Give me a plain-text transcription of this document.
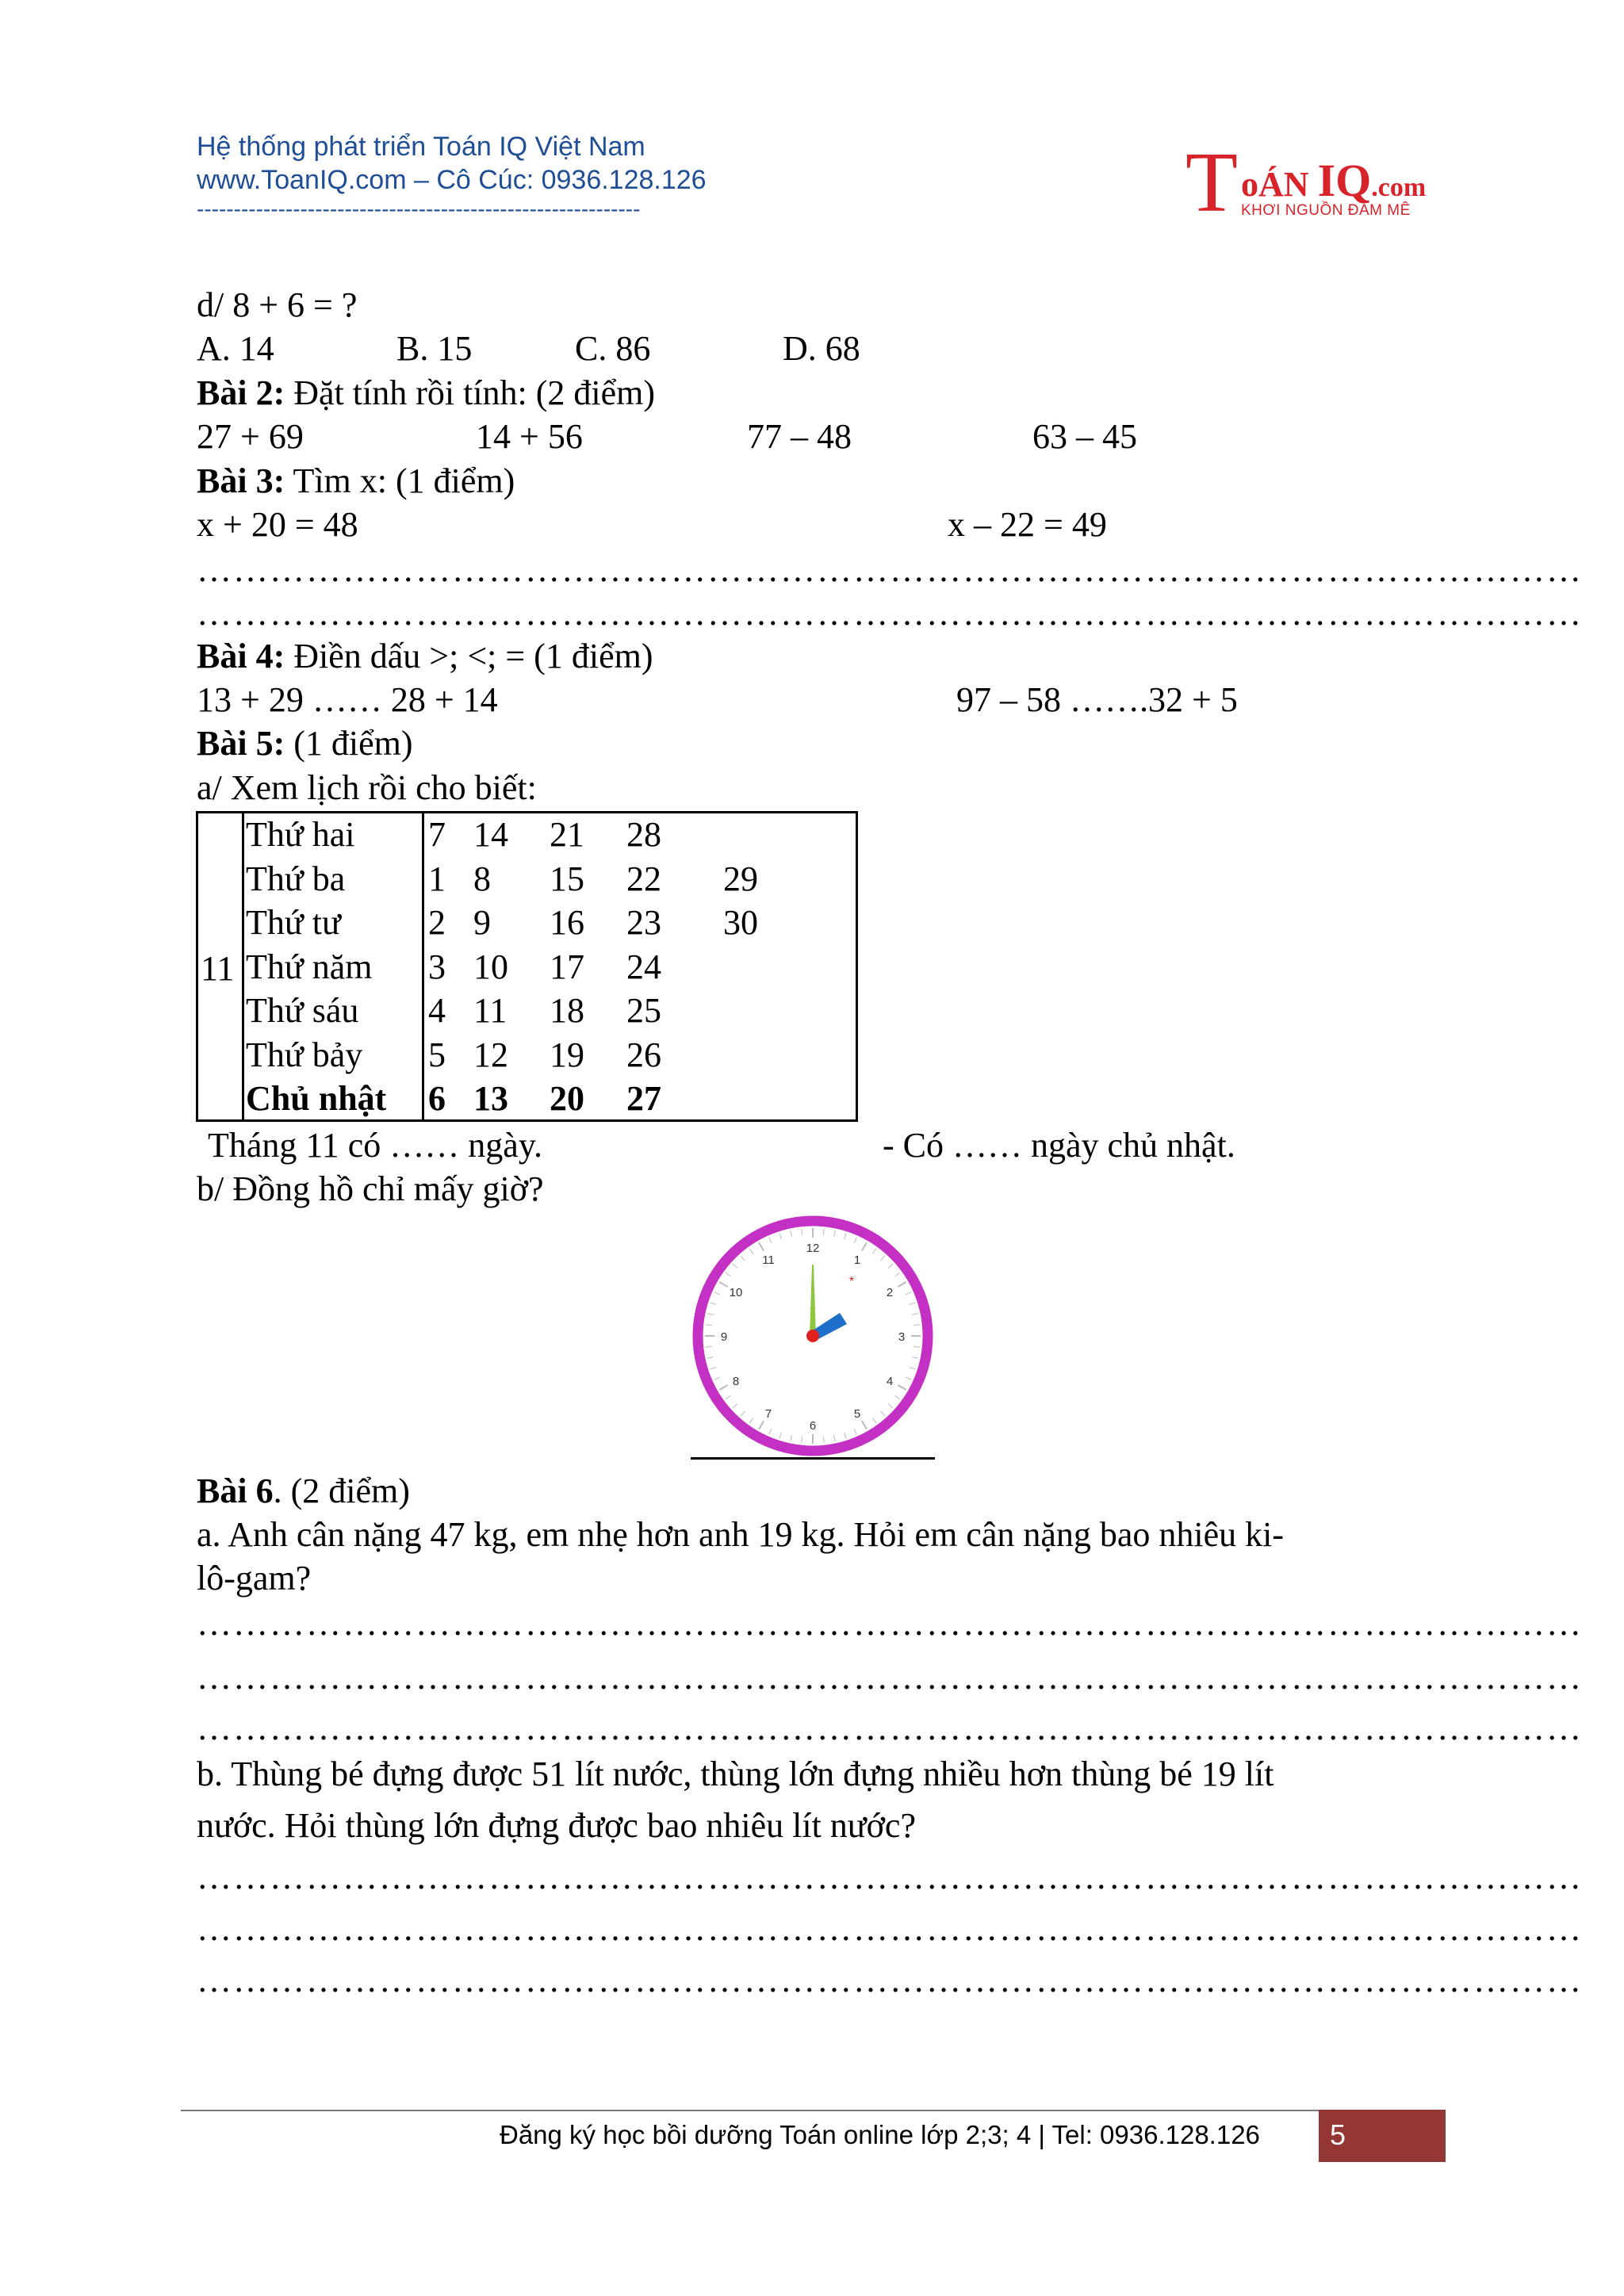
Hệ thống phát triển Toán IQ Việt Nam
www.ToanIQ.com – Cô Cúc: 0936.128.126
------------------------------------------------------------	T oÁN IQ.com
KHƠI NGUỒN ĐAM MÊ
d/ 8 + 6 = ?
A. 14	B. 15	C. 86	D. 68
Bài 2: Đặt tính rồi tính: (2 điểm)
27 + 69	14 + 56	77 – 48	63 – 45
Bài 3: Tìm x: (1 điểm)
x + 20 = 48	x – 22 = 49
……………………………………………………………………………………………………
……………………………………………………………………………………………………
Bài 4: Điền dấu >; <; = (1 điểm)
13 + 29 …… 28 + 14	97 – 58 …….32 + 5
Bài 5: (1 điểm)
a/ Xem lịch rồi cho biết:
11
Thứ hai 7 14 21 28
Thứ ba 1 8 15 22 29
Thứ tư	2 9 16 23 30
Thứ năm 3 10 17 24
Thứ sáu 4 11 18 25
Thứ bảy 5 12 19 26
Chủ nhật 6 13 20 27
Tháng 11 có …… ngày.	- Có …… ngày chủ nhật.
b/ Đồng hồ chỉ mấy giờ?
12
1
2
3
4
5
6
7
8
9
10
11
*
Bài 6. (2 điểm)
a. Anh cân nặng 47 kg, em nhẹ hơn anh 19 kg. Hỏi em cân nặng bao nhiêu ki-
lô-gam?
……………………………………………………………………………………………………
……………………………………………………………………………………………………
……………………………………………………………………………………………………
b. Thùng bé đựng được 51 lít nước, thùng lớn đựng nhiều hơn thùng bé 19 lít
nước. Hỏi thùng lớn đựng được bao nhiêu lít nước?
……………………………………………………………………………………………………
……………………………………………………………………………………………………
……………………………………………………………………………………………………
Đăng ký học bồi dưỡng Toán online lớp 2;3; 4 | Tel: 0936.128.126 5
